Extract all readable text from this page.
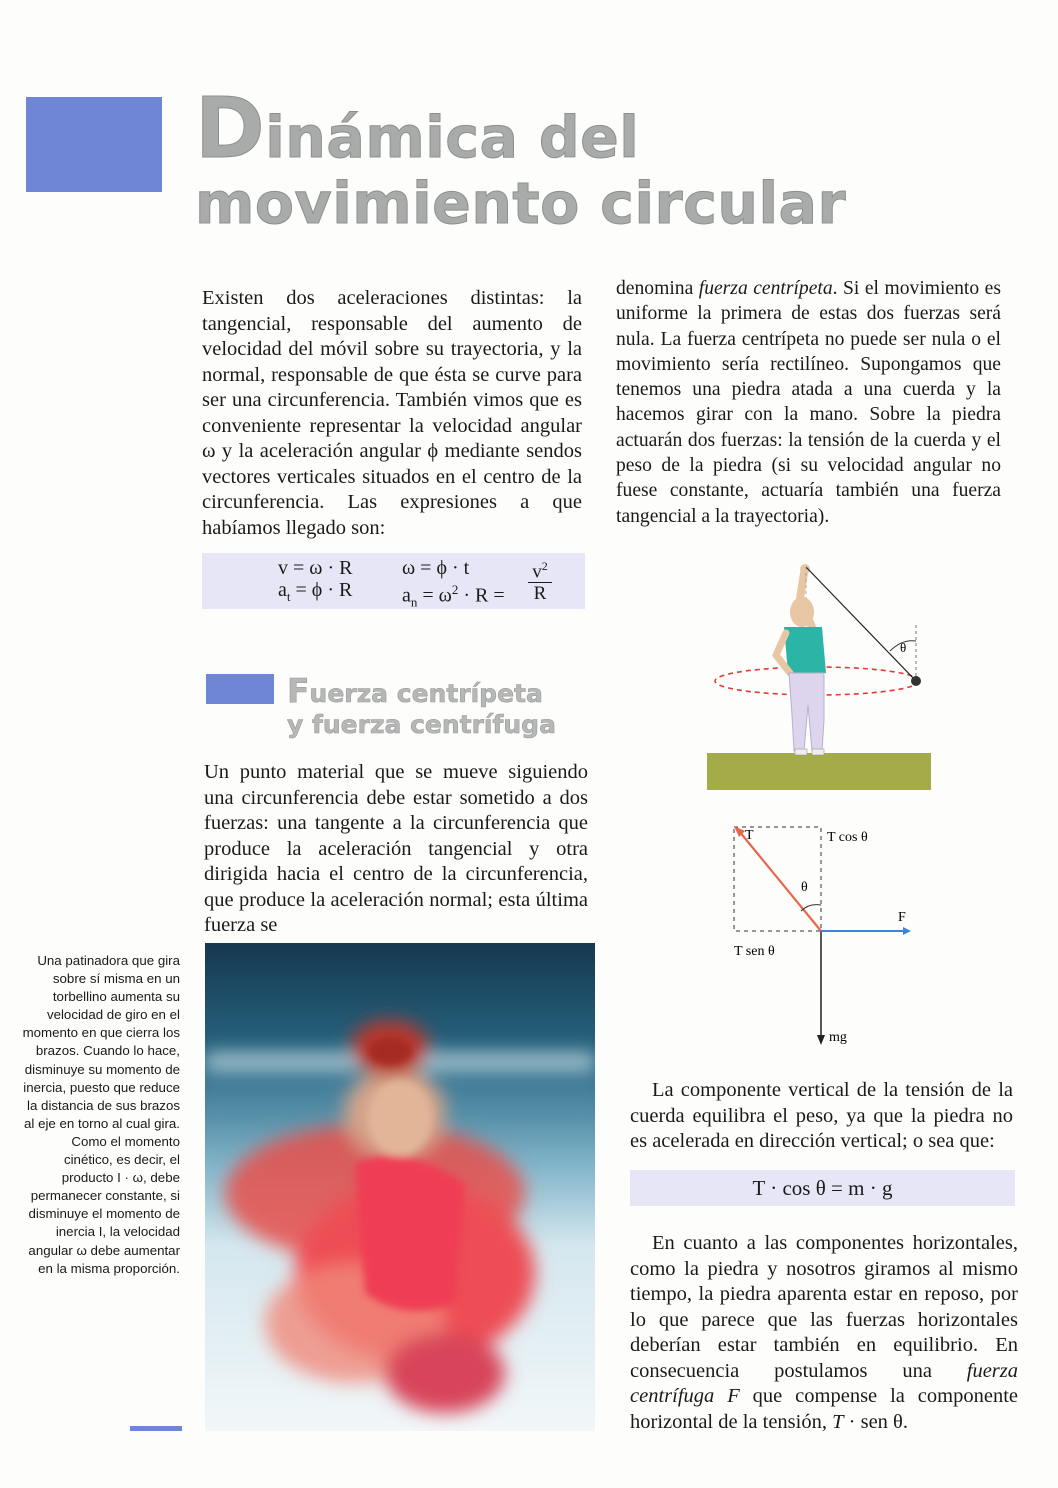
Dinámica del
movimiento circular
Existen dos aceleraciones distintas: la tangencial, responsable del aumento de velocidad del móvil sobre su trayectoria, y la normal, responsable de que ésta se curve para ser una circunferencia. También vimos que es conveniente representar la velocidad angular ω y la aceleración angular ϕ mediante sendos vectores verticales situados en el centro de la circunferencia. Las expresiones a que habíamos llegado son:
v = ω · R ω = ϕ · t
$a_t = \phi \cdot R$ $a_n = \omega^2 \cdot R$ =
$v^2$
R
Fuerza centrípeta
y fuerza centrífuga
Un punto material que se mueve siguiendo una circunferencia debe estar sometido a dos fuerzas: una tangente a la circunferencia que produce la aceleración tangencial y otra dirigida hacia el centro de la circunferencia, que produce la aceleración normal; esta última fuerza se
denomina fuerza centrípeta. Si el movimiento es uniforme la primera de estas dos fuerzas será nula. La fuerza centrípeta no puede ser nula o el movimiento sería rectilíneo. Supongamos que tenemos una piedra atada a una cuerda y la hacemos girar con la mano. Sobre la piedra actuarán dos fuerzas: la tensión de la cuerda y el peso de la piedra (si su velocidad angular no fuese constante, actuaría también una fuerza tangencial a la trayectoria).
θ
T	T cos θ
θ
F
T sen θ
mg
La componente vertical de la tensión de la cuerda equilibra el peso, ya que la piedra no es acelerada en dirección vertical; o sea que:
T · cos θ = m · g
En cuanto a las componentes horizontales, como la piedra y nosotros giramos al mismo tiempo, la piedra aparenta estar en reposo, por lo que parece que las fuerzas horizontales deberían estar también en equilibrio. En consecuencia postulamos una fuerza centrífuga F que compense la componente horizontal de la tensión, T · sen θ.
Una patinadora que gira sobre sí misma en un torbellino aumenta su velocidad de giro en el momento en que cierra los brazos. Cuando lo hace, disminuye su momento de inercia, puesto que reduce la distancia de sus brazos al eje en torno al cual gira. Como el momento cinético, es decir, el producto I · ω, debe permanecer constante, si disminuye el momento de inercia I, la velocidad angular ω debe aumentar en la misma proporción.
